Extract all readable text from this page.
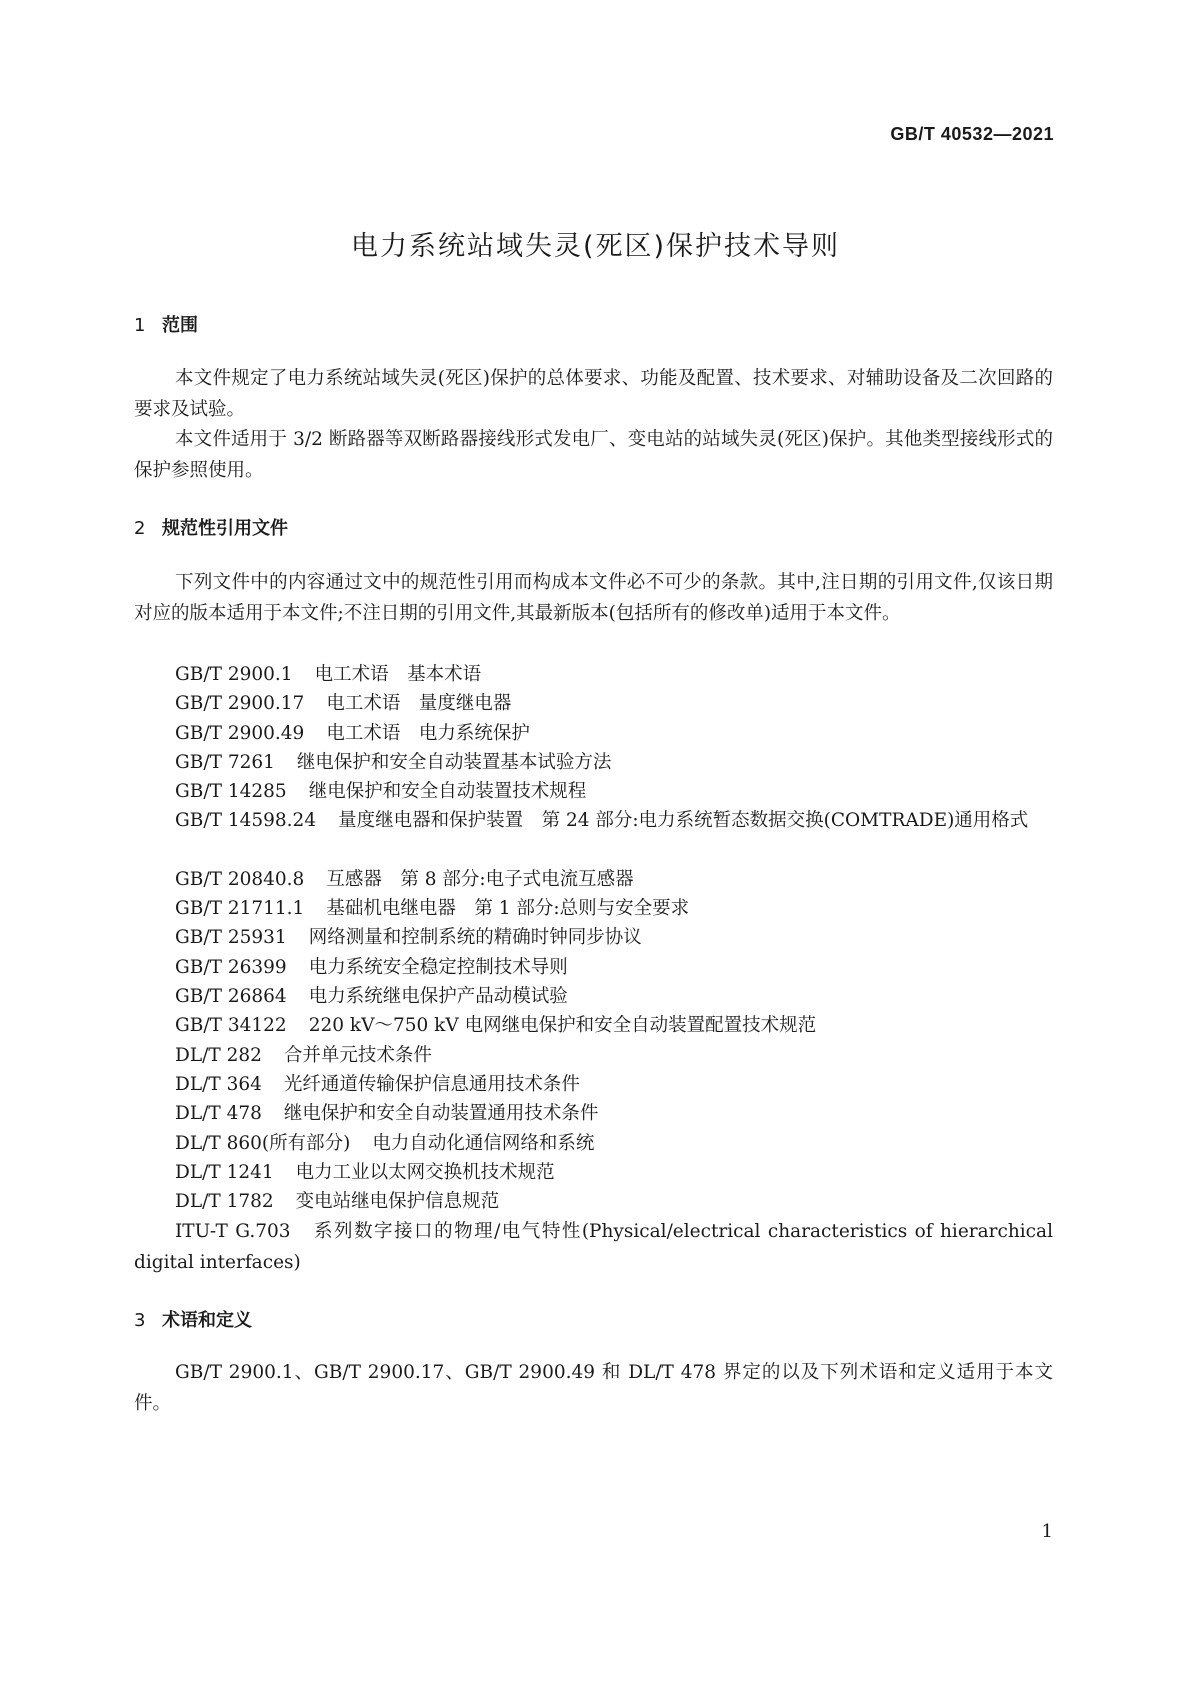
GB/T 40532—2021
电力系统站域失灵(死区)保护技术导则
1 范围
本文件规定了电力系统站域失灵(死区)保护的总体要求、功能及配置、技术要求、对辅助设备及二次回路的要求及试验。
本文件适用于 3/2 断路器等双断路器接线形式发电厂、变电站的站域失灵(死区)保护。其他类型接线形式的保护参照使用。
2 规范性引用文件
下列文件中的内容通过文中的规范性引用而构成本文件必不可少的条款。其中,注日期的引用文件,仅该日期对应的版本适用于本文件;不注日期的引用文件,其最新版本(包括所有的修改单)适用于本文件。
GB/T 2900.1 电工术语　基本术语
GB/T 2900.17 电工术语　量度继电器
GB/T 2900.49 电工术语　电力系统保护
GB/T 7261 继电保护和安全自动装置基本试验方法
GB/T 14285 继电保护和安全自动装置技术规程
GB/T 14598.24 量度继电器和保护装置　第 24 部分:电力系统暂态数据交换(COMTRADE)通用格式
GB/T 20840.8 互感器　第 8 部分:电子式电流互感器
GB/T 21711.1 基础机电继电器　第 1 部分:总则与安全要求
GB/T 25931 网络测量和控制系统的精确时钟同步协议
GB/T 26399 电力系统安全稳定控制技术导则
GB/T 26864 电力系统继电保护产品动模试验
GB/T 34122 220 kV～750 kV 电网继电保护和安全自动装置配置技术规范
DL/T 282 合并单元技术条件
DL/T 364 光纤通道传输保护信息通用技术条件
DL/T 478 继电保护和安全自动装置通用技术条件
DL/T 860(所有部分) 电力自动化通信网络和系统
DL/T 1241 电力工业以太网交换机技术规范
DL/T 1782 变电站继电保护信息规范
ITU-T G.703 系列数字接口的物理/电气特性(Physical/electrical characteristics of hierarchical digital interfaces)
3 术语和定义
GB/T 2900.1、GB/T 2900.17、GB/T 2900.49 和 DL/T 478 界定的以及下列术语和定义适用于本文件。
1
